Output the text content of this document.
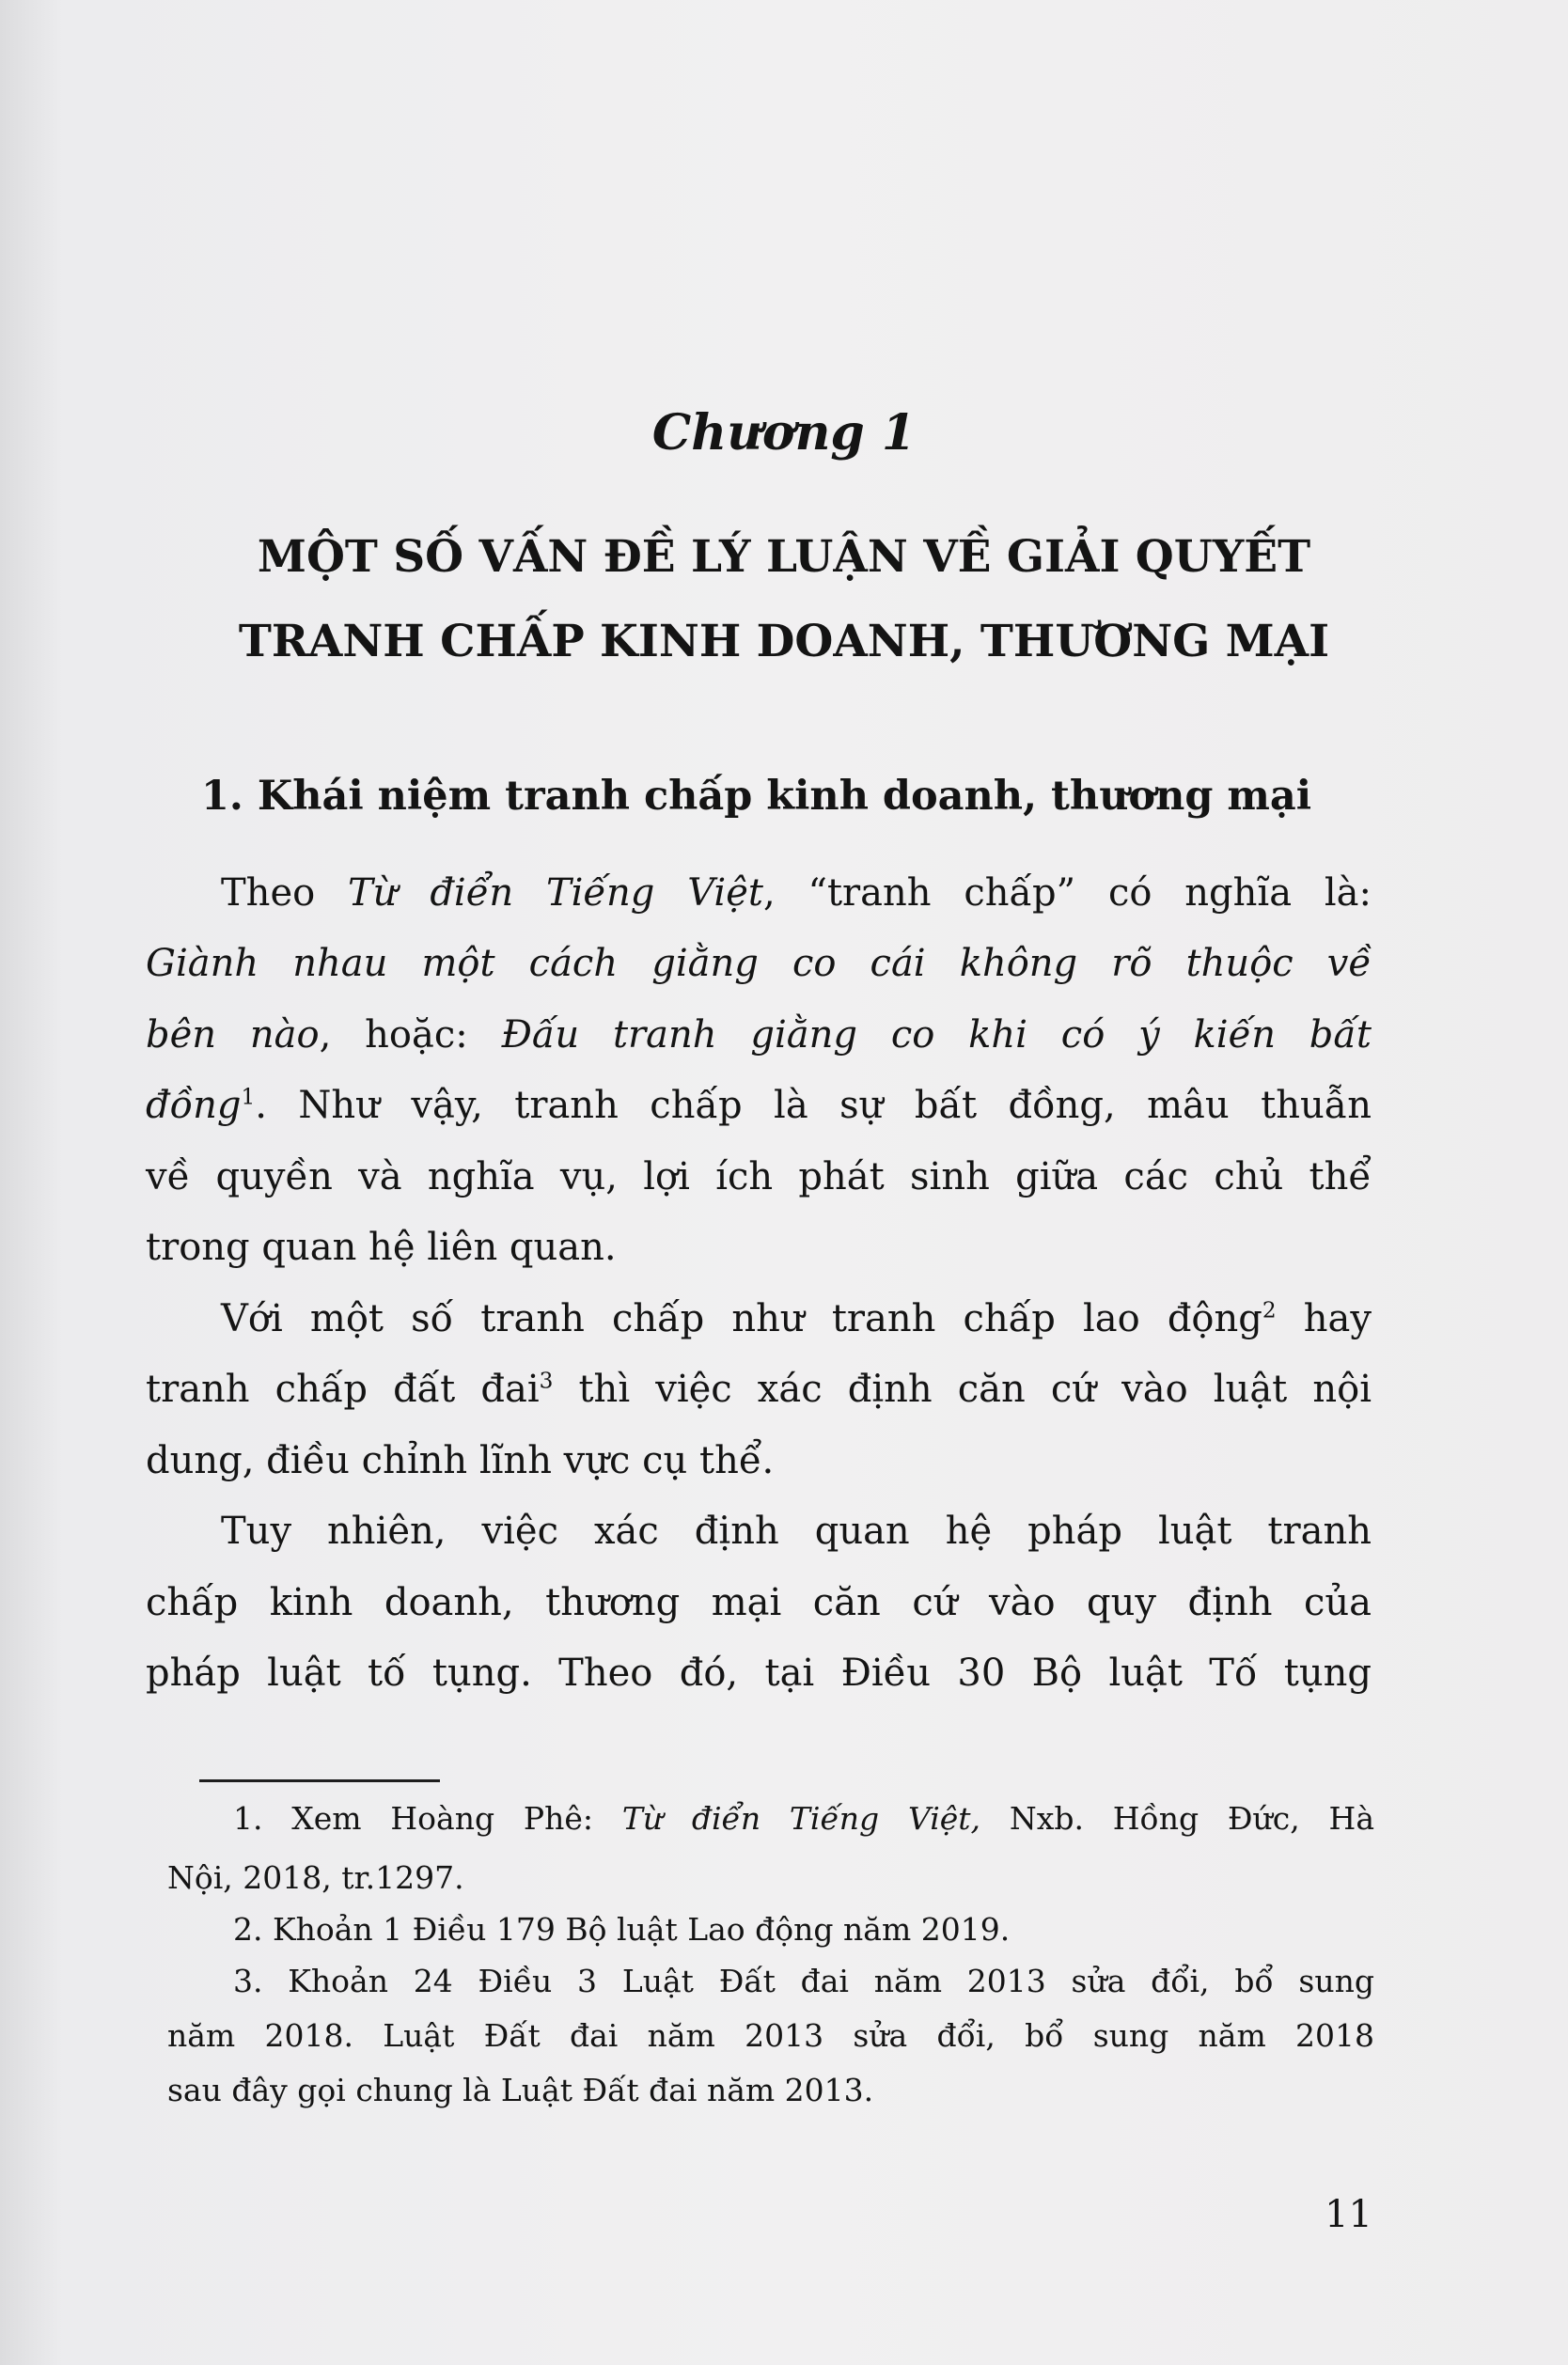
Chương 1
MỘT SỐ VẤN ĐỀ LÝ LUẬN VỀ GIẢI QUYẾT
TRANH CHẤP KINH DOANH, THƯƠNG MẠI
1. Khái niệm tranh chấp kinh doanh, thương mại
Theo Từ điển Tiếng Việt, “tranh chấp” có nghĩa là:
Giành nhau một cách giằng co cái không rõ thuộc về
bên nào, hoặc: Đấu tranh giằng co khi có ý kiến bất
đồng$^1$. Như vậy, tranh chấp là sự bất đồng, mâu thuẫn
về quyền và nghĩa vụ, lợi ích phát sinh giữa các chủ thể
trong quan hệ liên quan.
Với một số tranh chấp như tranh chấp lao động$^2$ hay
tranh chấp đất đai$^3$ thì việc xác định căn cứ vào luật nội
dung, điều chỉnh lĩnh vực cụ thể.
Tuy nhiên, việc xác định quan hệ pháp luật tranh
chấp kinh doanh, thương mại căn cứ vào quy định của
pháp luật tố tụng. Theo đó, tại Điều 30 Bộ luật Tố tụng
1. Xem Hoàng Phê: Từ điển Tiếng Việt, Nxb. Hồng Đức, Hà
Nội, 2018, tr.1297.
2. Khoản 1 Điều 179 Bộ luật Lao động năm 2019.
3. Khoản 24 Điều 3 Luật Đất đai năm 2013 sửa đổi, bổ sung
năm 2018. Luật Đất đai năm 2013 sửa đổi, bổ sung năm 2018
sau đây gọi chung là Luật Đất đai năm 2013.
11
